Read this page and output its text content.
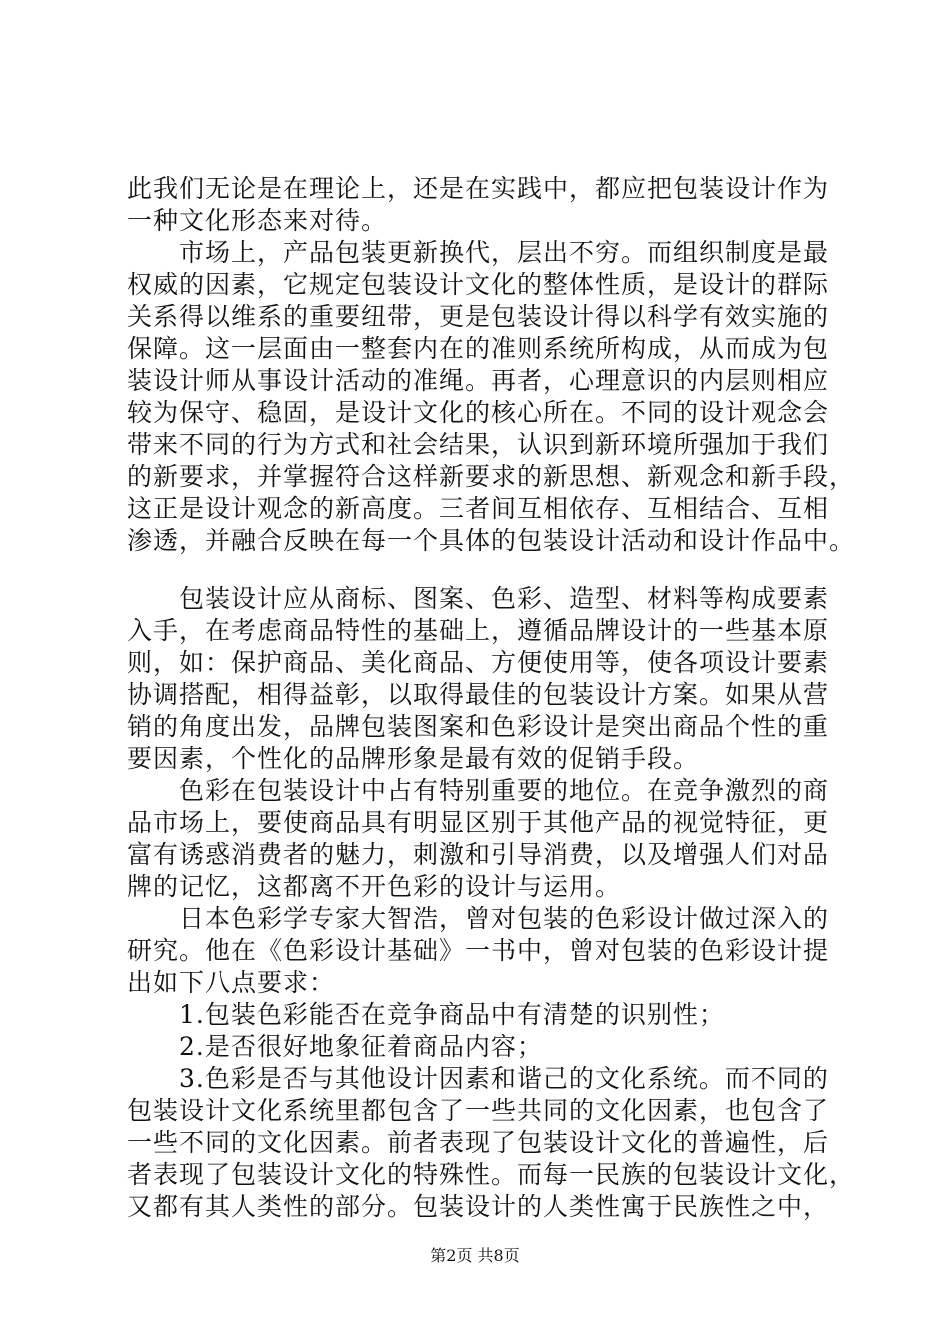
此我们无论是在理论上，还是在实践中，都应把包装设计作为
一种文化形态来对待。
　　市场上，产品包装更新换代，层出不穷。而组织制度是最
权威的因素，它规定包装设计文化的整体性质，是设计的群际
关系得以维系的重要纽带，更是包装设计得以科学有效实施的
保障。这一层面由一整套内在的准则系统所构成，从而成为包
装设计师从事设计活动的准绳。再者，心理意识的内层则相应
较为保守、稳固，是设计文化的核心所在。不同的设计观念会
带来不同的行为方式和社会结果，认识到新环境所强加于我们
的新要求，并掌握符合这样新要求的新思想、新观念和新手段，
这正是设计观念的新高度。三者间互相依存、互相结合、互相
渗透，并融合反映在每一个具体的包装设计活动和设计作品中。
　　包装设计应从商标、图案、色彩、造型、材料等构成要素
入手，在考虑商品特性的基础上，遵循品牌设计的一些基本原
则，如：保护商品、美化商品、方便使用等，使各项设计要素
协调搭配，相得益彰，以取得最佳的包装设计方案。如果从营
销的角度出发，品牌包装图案和色彩设计是突出商品个性的重
要因素，个性化的品牌形象是最有效的促销手段。
　　色彩在包装设计中占有特别重要的地位。在竞争激烈的商
品市场上，要使商品具有明显区别于其他产品的视觉特征，更
富有诱惑消费者的魅力，刺激和引导消费，以及增强人们对品
牌的记忆，这都离不开色彩的设计与运用。
　　日本色彩学专家大智浩，曾对包装的色彩设计做过深入的
研究。他在《色彩设计基础》一书中，曾对包装的色彩设计提
出如下八点要求：
　　1.包装色彩能否在竞争商品中有清楚的识别性；
　　2.是否很好地象征着商品内容；
　　3.色彩是否与其他设计因素和谐己的文化系统。而不同的
包装设计文化系统里都包含了一些共同的文化因素，也包含了
一些不同的文化因素。前者表现了包装设计文化的普遍性，后
者表现了包装设计文化的特殊性。而每一民族的包装设计文化，
又都有其人类性的部分。包装设计的人类性寓于民族性之中，
第2页 共8页
